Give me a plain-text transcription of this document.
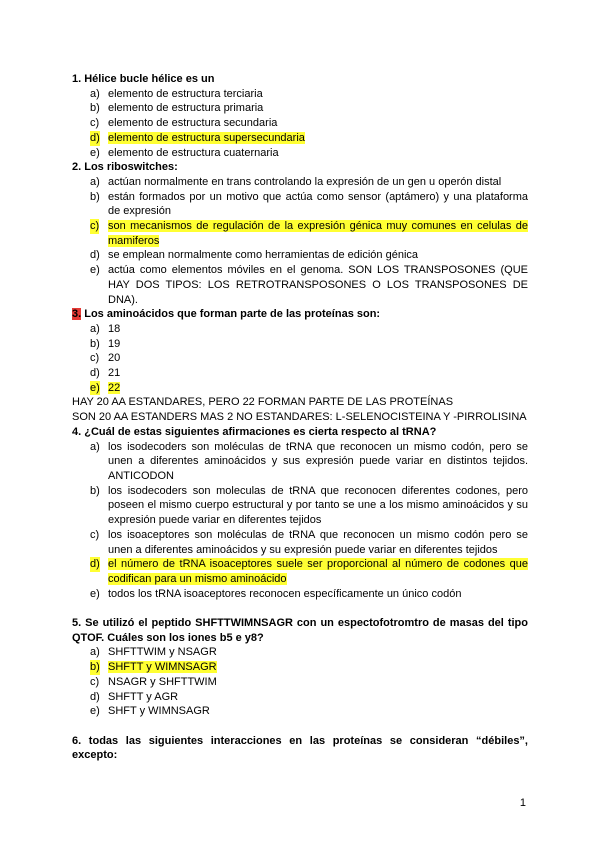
1. Hélice bucle hélice es un
a) elemento de estructura terciaria
b) elemento de estructura primaria
c) elemento de estructura secundaria
d) elemento de estructura supersecundaria
e) elemento de estructura cuaternaria
2. Los riboswitches:
a) actúan normalmente en trans controlando la expresión de un gen u operón distal
b) están formados por un motivo que actúa como sensor (aptámero) y una plataforma de expresión
c) son mecanismos de regulación de la expresión génica muy comunes en celulas de mamiferos
d) se emplean normalmente como herramientas de edición génica
e) actúa como elementos móviles en el genoma. SON LOS TRANSPOSONES (QUE HAY DOS TIPOS: LOS RETROTRANSPOSONES O LOS TRANSPOSONES DE DNA).
3. Los aminoácidos que forman parte de las proteínas son:
a) 18
b) 19
c) 20
d) 21
e) 22

HAY 20 AA ESTANDARES, PERO 22 FORMAN PARTE DE LAS PROTEÍNAS

SON 20 AA ESTANDERS MAS 2 NO ESTANDARES: L-SELENOCISTEINA Y -PIRROLISINA

4. ¿Cuál de estas siguientes afirmaciones es cierta respecto al tRNA?
a) los isodecoders son moléculas de tRNA que reconocen un mismo codón, pero se unen a diferentes aminoácidos y sus expresión puede variar en distintos tejidos. ANTICODON
b) los isodecoders son moleculas de tRNA que reconocen diferentes codones, pero poseen el mismo cuerpo estructural y por tanto se une a los mismo aminoácidos y su expresión puede variar en diferentes tejidos
c) los isoaceptores son moléculas de tRNA que reconocen un mismo codón pero se unen a diferentes aminoácidos y su expresión puede variar en diferentes tejidos
d) el número de tRNA isoaceptores suele ser proporcional al número de codones que codifican para un mismo aminoácido
e) todos los tRNA isoaceptores reconocen específicamente un único codón
5. Se utilizó el peptido SHFTTWIMNSAGR con un espectofotromtro de masas del tipo QTOF. Cuáles son los iones b5 e y8?
a) SHFTTWIM y NSAGR
b) SHFTT y WIMNSAGR
c) NSAGR y SHFTTWIM
d) SHFTT y AGR
e) SHFT y WIMNSAGR
6. todas las siguientes interacciones en las proteínas se consideran “débiles”, excepto:
1
